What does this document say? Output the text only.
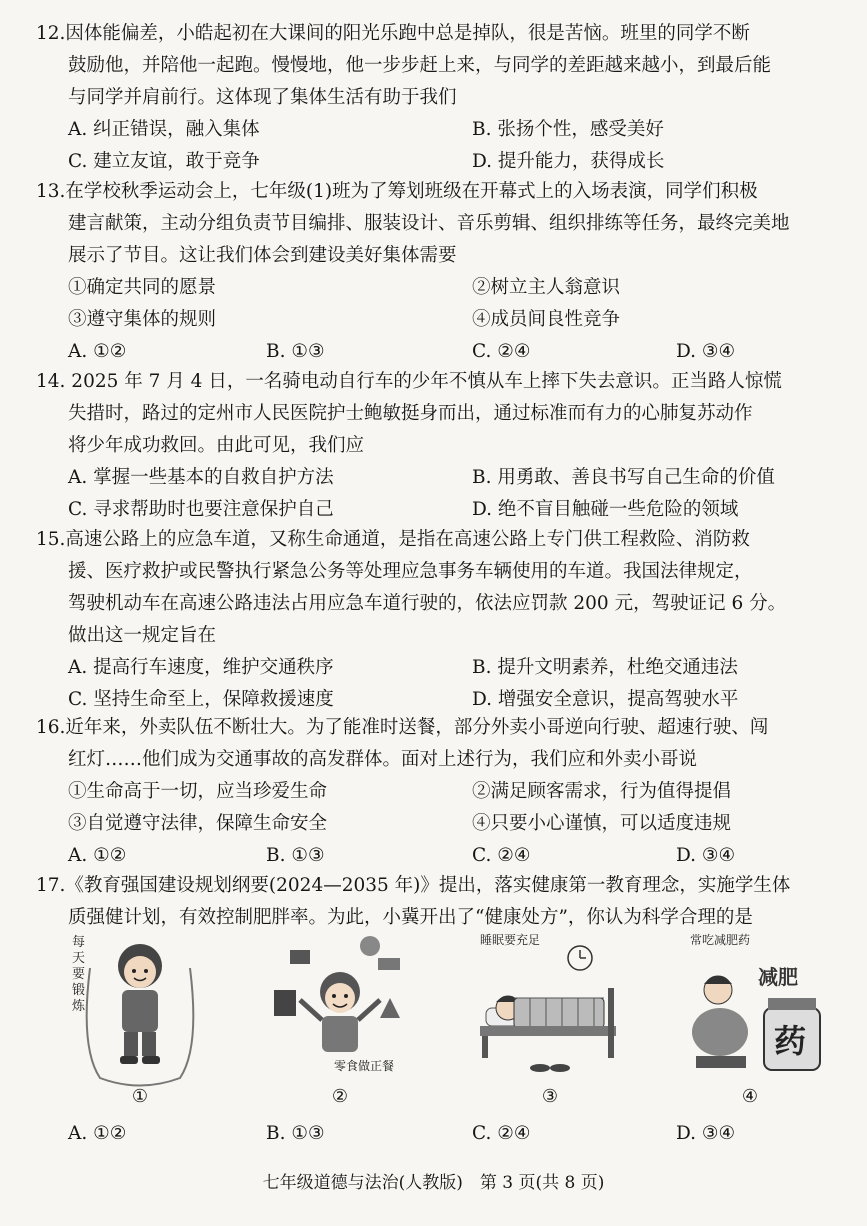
12.因体能偏差，小皓起初在大课间的阳光乐跑中总是掉队，很是苦恼。班里的同学不断
鼓励他，并陪他一起跑。慢慢地，他一步步赶上来，与同学的差距越来越小，到最后能
与同学并肩前行。这体现了集体生活有助于我们
A. 纠正错误，融入集体	B. 张扬个性，感受美好
C. 建立友谊，敢于竞争	D. 提升能力，获得成长
13.在学校秋季运动会上，七年级(1)班为了筹划班级在开幕式上的入场表演，同学们积极
建言献策，主动分组负责节目编排、服装设计、音乐剪辑、组织排练等任务，最终完美地
展示了节目。这让我们体会到建设美好集体需要
①确定共同的愿景	②树立主人翁意识
③遵守集体的规则	④成员间良性竞争
A. ①②	B. ①③	C. ②④	D. ③④
14. 2025 年 7 月 4 日，一名骑电动自行车的少年不慎从车上摔下失去意识。正当路人惊慌
失措时，路过的定州市人民医院护士鲍敏挺身而出，通过标准而有力的心肺复苏动作
将少年成功救回。由此可见，我们应
A. 掌握一些基本的自救自护方法	B. 用勇敢、善良书写自己生命的价值
C. 寻求帮助时也要注意保护自己	D. 绝不盲目触碰一些危险的领域
15.高速公路上的应急车道，又称生命通道，是指在高速公路上专门供工程救险、消防救
援、医疗救护或民警执行紧急公务等处理应急事务车辆使用的车道。我国法律规定，
驾驶机动车在高速公路违法占用应急车道行驶的，依法应罚款 200 元，驾驶证记 6 分。
做出这一规定旨在
A. 提高行车速度，维护交通秩序	B. 提升文明素养，杜绝交通违法
C. 坚持生命至上，保障救援速度	D. 增强安全意识，提高驾驶水平
16.近年来，外卖队伍不断壮大。为了能准时送餐，部分外卖小哥逆向行驶、超速行驶、闯
红灯……他们成为交通事故的高发群体。面对上述行为，我们应和外卖小哥说
①生命高于一切，应当珍爱生命	②满足顾客需求，行为值得提倡
③自觉遵守法律，保障生命安全	④只要小心谨慎，可以适度违规
A. ①②	B. ①③	C. ②④	D. ③④
17.《教育强国建设规划纲要(2024—2035 年)》提出，落实健康第一教育理念，实施学生体
质强健计划，有效控制肥胖率。为此，小冀开出了“健康处方”，你认为科学合理的是
每
天
要
锻
炼
零食做正餐
睡眠要充足	常吃减肥药
减肥
药
①	②	③	④
A. ①②	B. ①③	C. ②④	D. ③④
七年级道德与法治(人教版)　第 3 页(共 8 页)
